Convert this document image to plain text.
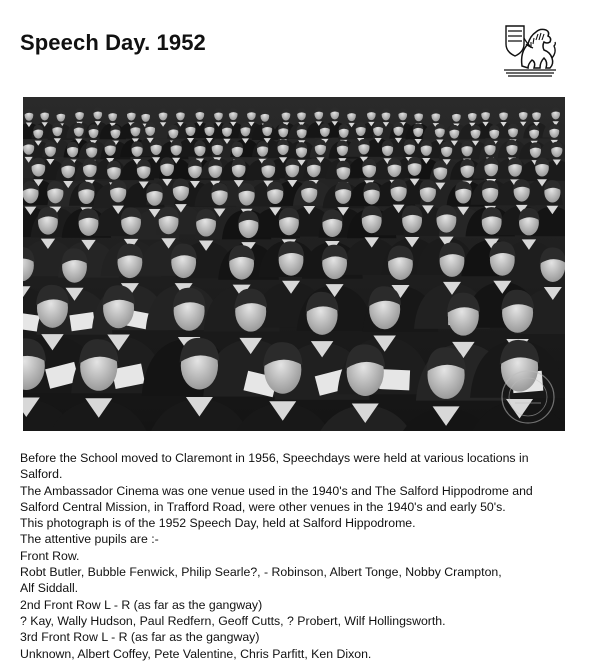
Speech Day. 1952
Before the School moved to Claremont in 1956, Speechdays were held at various locations in
Salford.
The Ambassador Cinema was one venue used in the 1940's and The Salford Hippodrome and
Salford Central Mission, in Trafford Road, were other venues in the 1940's and early 50's.
This photograph is of the 1952 Speech Day, held at Salford Hippodrome.
The attentive pupils are :-
Front Row.
Robt Butler, Bubble Fenwick, Philip Searle?, - Robinson, Albert Tonge, Nobby Crampton,
Alf Siddall.
2nd Front Row L - R (as far as the gangway)
? Kay, Wally Hudson, Paul Redfern, Geoff Cutts, ? Probert, Wilf Hollingsworth.
3rd Front Row L - R (as far as the gangway)
Unknown, Albert Coffey, Pete Valentine, Chris Parfitt, Ken Dixon.
